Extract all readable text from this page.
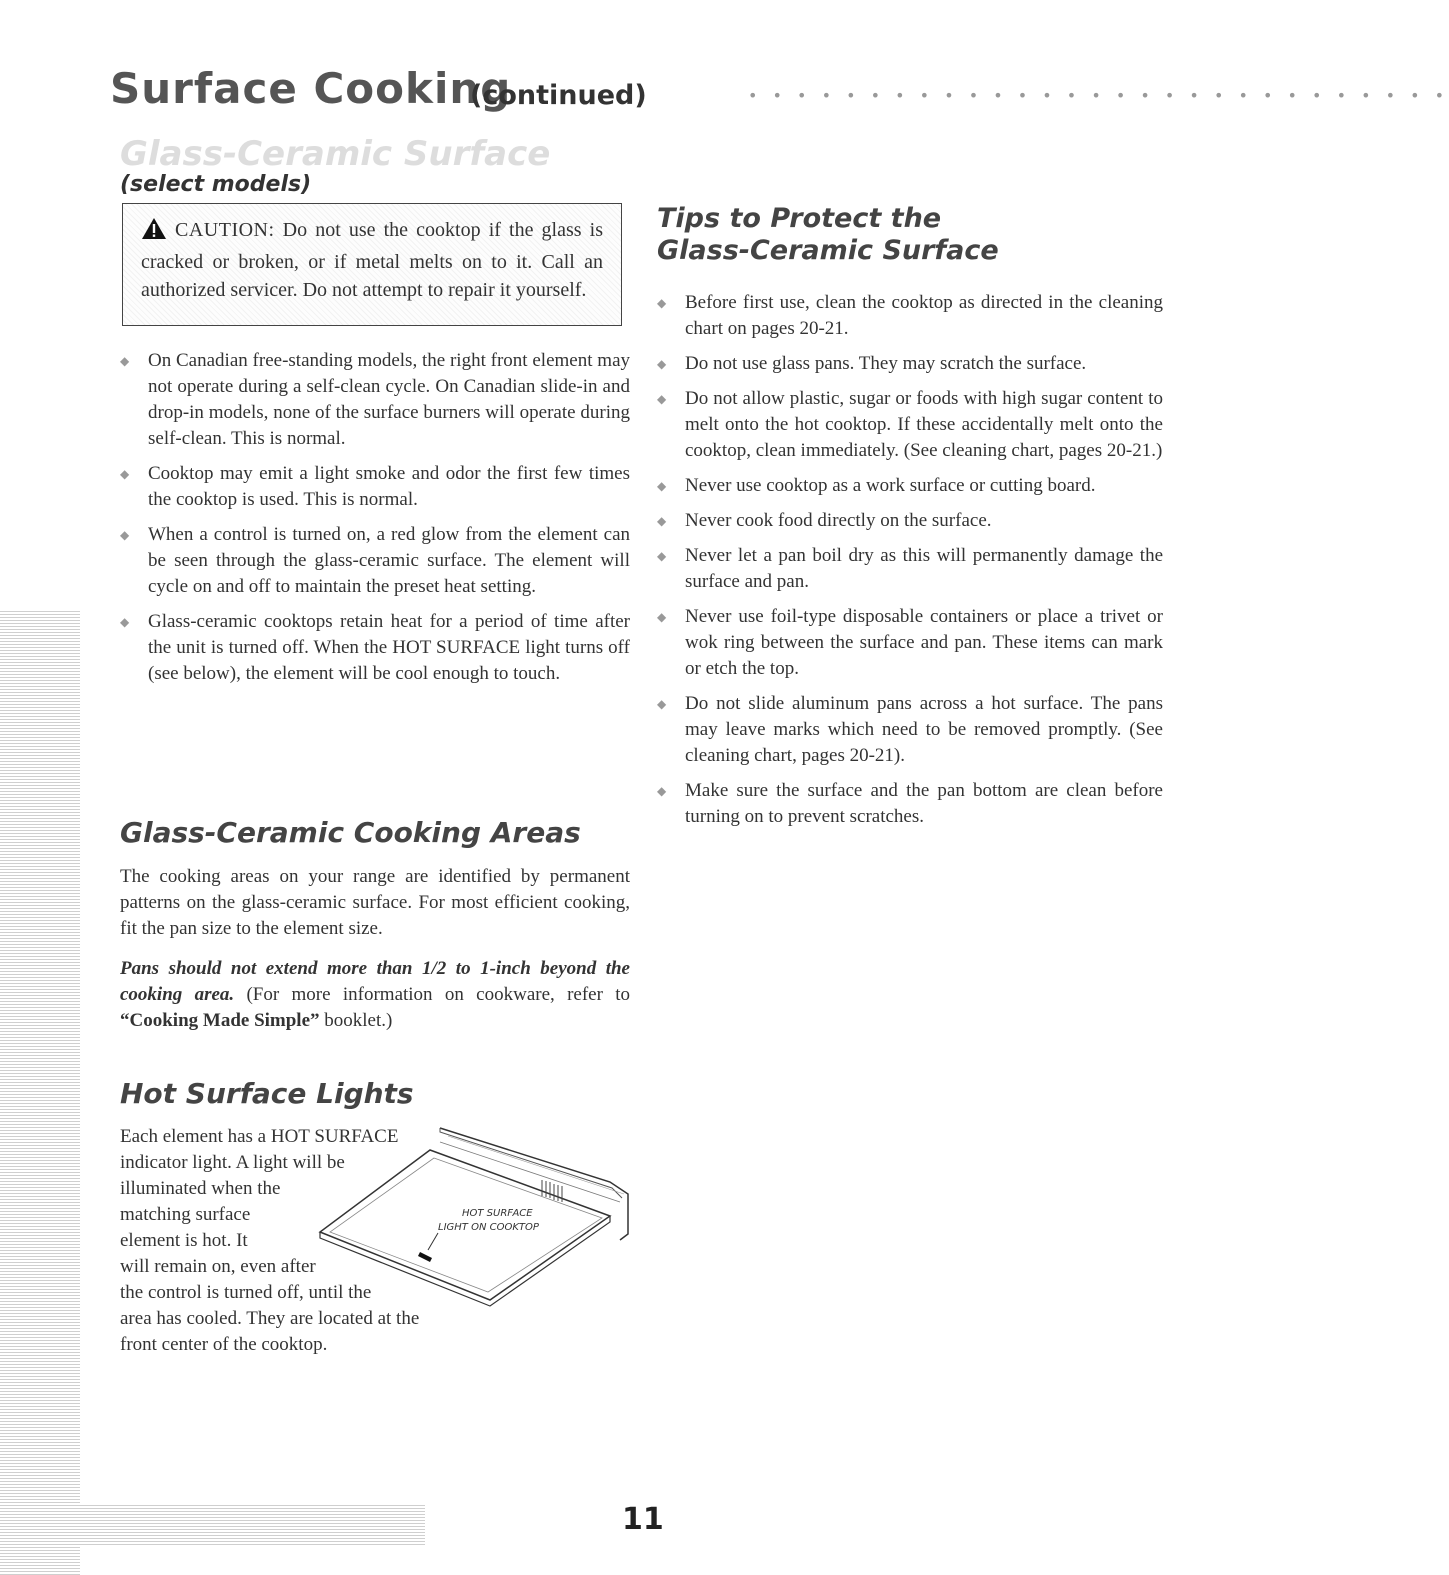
Surface Cooking
(continued)	• • • • • • • • • • • • • • • • • • • • • • • • • • • • •
Glass-Ceramic Surface
(select models)
CAUTION: Do not use the cooktop if the glass is cracked or broken, or if metal melts on to it. Call an authorized servicer. Do not attempt to repair it yourself.
◆ On Canadian free-standing models, the right front element may not operate during a self-clean cycle. On Canadian slide-in and drop-in models, none of the surface burners will operate during self-clean. This is normal.
◆ Cooktop may emit a light smoke and odor the first few times the cooktop is used. This is normal.
◆ When a control is turned on, a red glow from the element can be seen through the glass-ceramic surface. The element will cycle on and off to maintain the preset heat setting.
◆ Glass-ceramic cooktops retain heat for a period of time after the unit is turned off. When the HOT SURFACE light turns off (see below), the element will be cool enough to touch.
Glass-Ceramic Cooking Areas
The cooking areas on your range are identified by permanent patterns on the glass-ceramic surface. For most efficient cooking, fit the pan size to the element size.
Pans should not extend more than 1/2 to 1-inch beyond the cooking area. (For more information on cookware, refer to “Cooking Made Simple” booklet.)
Hot Surface Lights
Each element has a HOT SURFACE
indicator light. A light will be
illuminated when the
matching surface
element is hot. It
will remain on, even after
the control is turned off, until the
area has cooled. They are located at the
front center of the cooktop.
HOT SURFACE
LIGHT ON COOKTOP
Tips to Protect the
Glass-Ceramic Surface
◆ Before first use, clean the cooktop as directed in the cleaning chart on pages 20-21.
◆ Do not use glass pans. They may scratch the surface.
◆ Do not allow plastic, sugar or foods with high sugar content to melt onto the hot cooktop. If these accidentally melt onto the cooktop, clean immediately. (See cleaning chart, pages 20-21.)
◆ Never use cooktop as a work surface or cutting board.
◆ Never cook food directly on the surface.
◆ Never let a pan boil dry as this will permanently damage the surface and pan.
◆ Never use foil-type disposable containers or place a trivet or wok ring between the surface and pan. These items can mark or etch the top.
◆ Do not slide aluminum pans across a hot surface. The pans may leave marks which need to be removed promptly. (See cleaning chart, pages 20-21).
◆ Make sure the surface and the pan bottom are clean before turning on to prevent scratches.
11
